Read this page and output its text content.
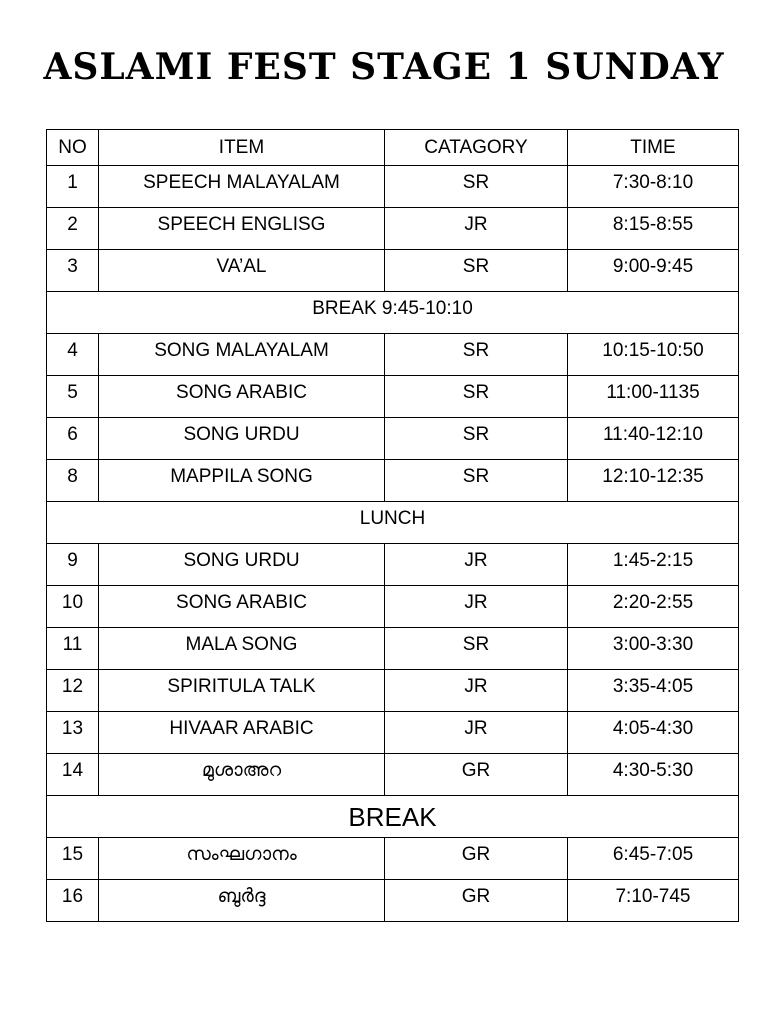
ASLAMI FEST STAGE 1 SUNDAY
NO	ITEM	CATAGORY	TIME
1	SPEECH MALAYALAM	SR	7:30-8:10
2	SPEECH ENGLISG	JR	8:15-8:55
3	VA’AL	SR	9:00-9:45
BREAK 9:45-10:10			
4	SONG MALAYALAM	SR	10:15-10:50
5	SONG ARABIC	SR	11:00-1135
6	SONG URDU	SR	11:40-12:10
8	MAPPILA SONG	SR	12:10-12:35
LUNCH			
9	SONG URDU	JR	1:45-2:15
10	SONG ARABIC	JR	2:20-2:55
11	MALA SONG	SR	3:00-3:30
12	SPIRITULA TALK	JR	3:35-4:05
13	HIVAAR ARABIC	JR	4:05-4:30
14	മുശാഅറ	GR	4:30-5:30
BREAK			
15	സംഘഗാനം	GR	6:45-7:05
16	ബുർദ്ദ	GR	7:10-745
